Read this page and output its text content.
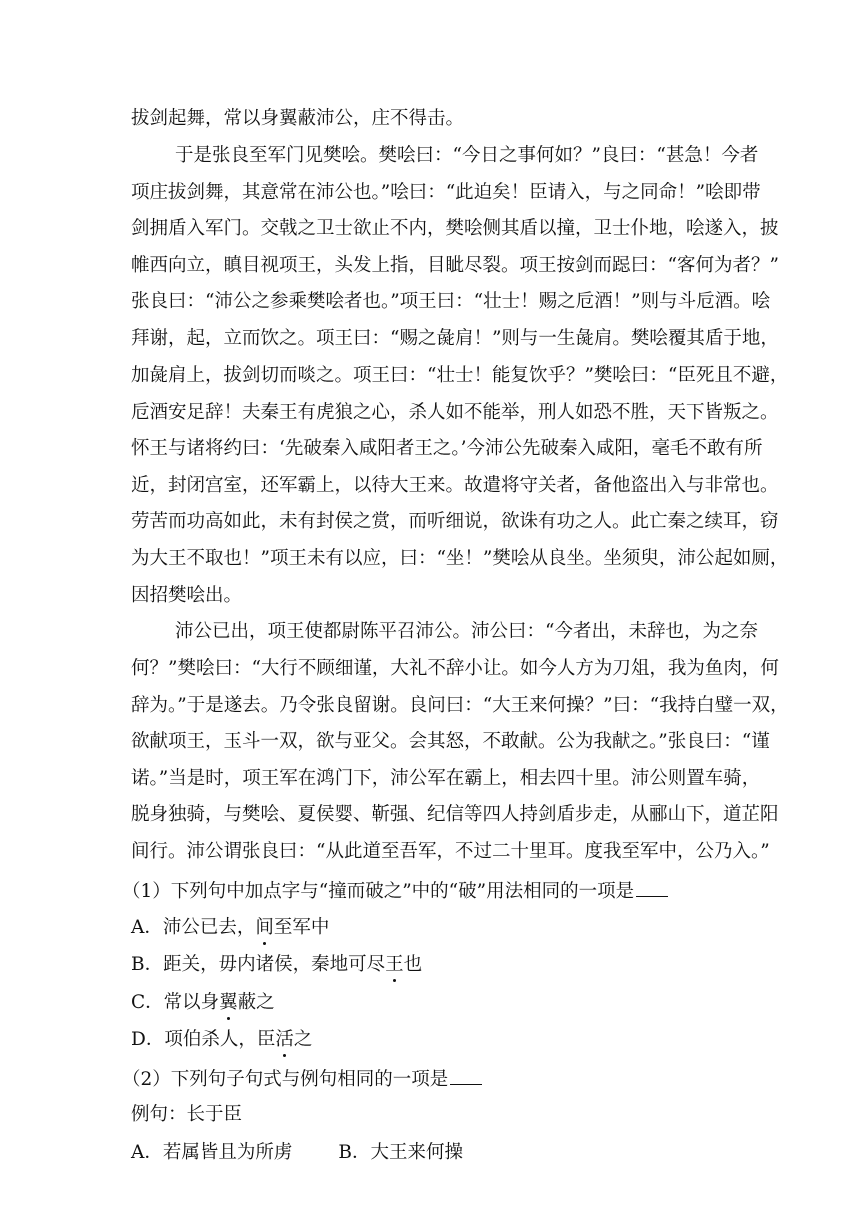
拔剑起舞，常以身翼蔽沛公，庄不得击。
于是张良至军门见樊哙。樊哙曰：“今日之事何如？”良曰：“甚急！今者
项庄拔剑舞，其意常在沛公也。”哙曰：“此迫矣！臣请入，与之同命！”哙即带
剑拥盾入军门。交戟之卫士欲止不内，樊哙侧其盾以撞，卫士仆地，哙遂入，披
帷西向立，瞋目视项王，头发上指，目眦尽裂。项王按剑而跽曰：“客何为者？”
张良曰：“沛公之参乘樊哙者也。”项王曰：“壮士！赐之卮酒！”则与斗卮酒。哙
拜谢，起，立而饮之。项王曰：“赐之彘肩！”则与一生彘肩。樊哙覆其盾于地，
加彘肩上，拔剑切而啖之。项王曰：“壮士！能复饮乎？”樊哙曰：“臣死且不避，
卮酒安足辞！夫秦王有虎狼之心，杀人如不能举，刑人如恐不胜，天下皆叛之。
怀王与诸将约曰：‘先破秦入咸阳者王之。’今沛公先破秦入咸阳，毫毛不敢有所
近，封闭宫室，还军霸上，以待大王来。故遣将守关者，备他盗出入与非常也。
劳苦而功高如此，未有封侯之赏，而听细说，欲诛有功之人。此亡秦之续耳，窃
为大王不取也！”项王未有以应，曰：“坐！”樊哙从良坐。坐须臾，沛公起如厕，
因招樊哙出。
沛公已出，项王使都尉陈平召沛公。沛公曰：“今者出，未辞也，为之奈
何？”樊哙曰：“大行不顾细谨，大礼不辞小让。如今人方为刀俎，我为鱼肉，何
辞为。”于是遂去。乃令张良留谢。良问曰：“大王来何操？”曰：“我持白璧一双，
欲献项王，玉斗一双，欲与亚父。会其怒，不敢献。公为我献之。”张良曰：“谨
诺。”当是时，项王军在鸿门下，沛公军在霸上，相去四十里。沛公则置车骑，
脱身独骑，与樊哙、夏侯婴、靳强、纪信等四人持剑盾步走，从郦山下，道芷阳
间行。沛公谓张良曰：“从此道至吾军，不过二十里耳。度我至军中，公乃入。”
（1）下列句中加点字与“撞而破之”中的“破”用法相同的一项是
A．沛公已去，间至军中
B．距关，毋内诸侯，秦地可尽王也
C．常以身翼蔽之
D．项伯杀人，臣活之
（2）下列句子句式与例句相同的一项是
例句：长于臣
A．若属皆且为所虏 B．大王来何操
